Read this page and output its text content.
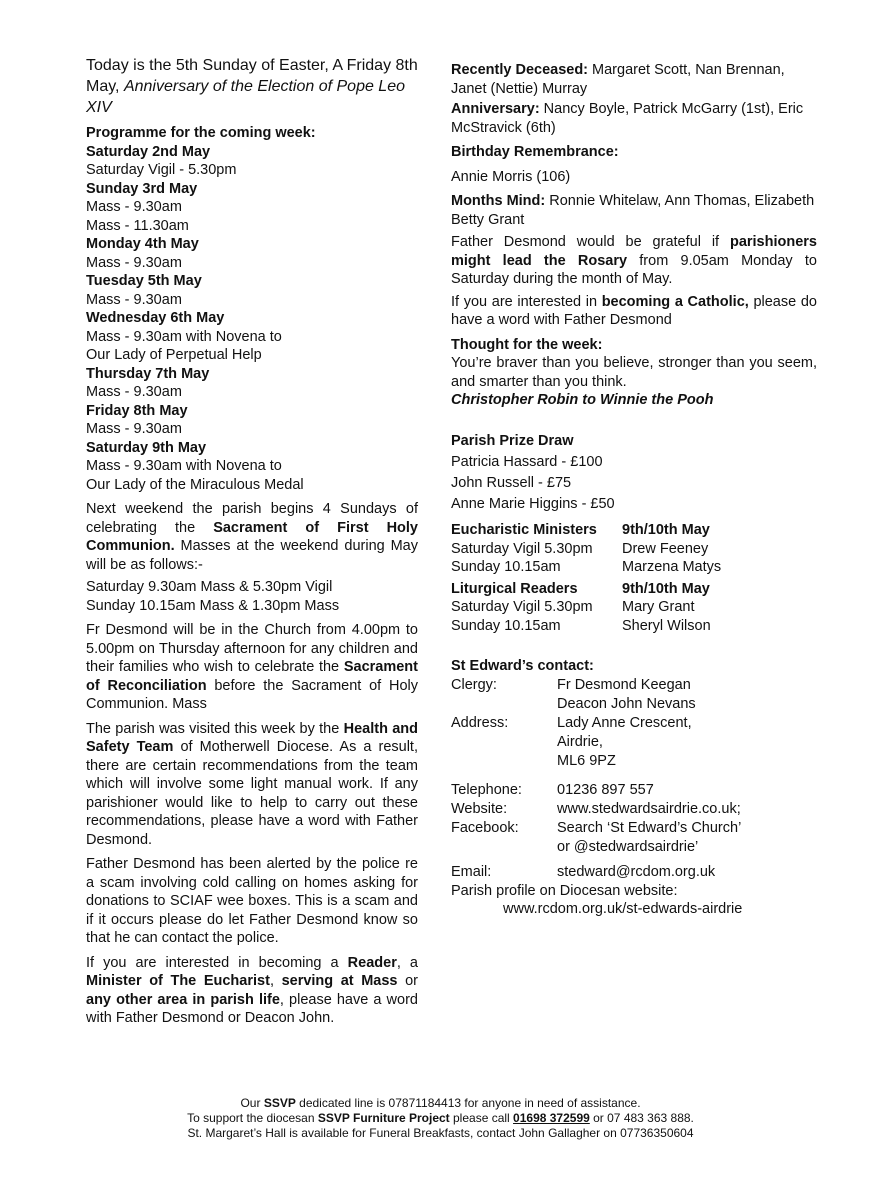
Today is the 5th Sunday of Easter, A Friday 8th May, Anniversary of the Election of Pope Leo XIV

Programme for the coming week:

Saturday 2nd May

Saturday Vigil - 5.30pm

Sunday 3rd May

Mass - 9.30am

Mass - 11.30am

Monday 4th May

Mass - 9.30am

Tuesday 5th May

Mass - 9.30am

Wednesday 6th May

Mass - 9.30am with Novena to

Our Lady of Perpetual Help

Thursday 7th May

Mass - 9.30am

Friday 8th May

Mass - 9.30am

Saturday 9th May

Mass - 9.30am with Novena to

Our Lady of the Miraculous Medal

Next weekend the parish begins 4 Sundays of celebrating the Sacrament of First Holy Communion. Masses at the weekend during May will be as follows:-

Saturday 9.30am Mass & 5.30pm Vigil

Sunday 10.15am Mass & 1.30pm Mass

Fr Desmond will be in the Church from 4.00pm to 5.00pm on Thursday afternoon for any children and their families who wish to celebrate the Sacrament of Reconciliation before the Sacrament of Holy Communion. Mass

The parish was visited this week by the Health and Safety Team of Motherwell Diocese. As a result, there are certain recommendations from the team which will involve some light manual work. If any parishioner would like to help to carry out these recommendations, please have a word with Father Desmond.

Father Desmond has been alerted by the police re a scam involving cold calling on homes asking for donations to SCIAF wee boxes. This is a scam and if it occurs please do let Father Desmond know so that he can contact the police.

If you are interested in becoming a Reader, a Minister of The Eucharist, serving at Mass or any other area in parish life, please have a word with Father Desmond or Deacon John.

Recently Deceased: Margaret Scott, Nan Brennan, Janet (Nettie) Murray

Anniversary: Nancy Boyle, Patrick McGarry (1st), Eric McStravick (6th)

Birthday Remembrance:

Annie Morris (106)

Months Mind: Ronnie Whitelaw, Ann Thomas, Elizabeth Betty Grant

Father Desmond would be grateful if parishioners might lead the Rosary from 9.05am Monday to Saturday during the month of May.

If you are interested in becoming a Catholic, please do have a word with Father Desmond

Thought for the week:

You’re braver than you believe, stronger than you seem, and smarter than you think.

Christopher Robin to Winnie the Pooh

Parish Prize Draw

Patricia Hassard - £100

John Russell - £75

Anne Marie Higgins - £50

Eucharistic Ministers	9th/10th May
Saturday Vigil 5.30pm	Drew Feeney
Sunday 10.15am	Marzena Matys
Liturgical Readers	9th/10th May
Saturday Vigil 5.30pm	Mary Grant
Sunday 10.15am	Sheryl Wilson

St Edward’s contact:

Clergy:	Fr Desmond Keegan
Deacon John Nevans
Address:	Lady Anne Crescent,
Airdrie,
ML6 9PZ
Telephone:	01236 897 557
Website:	www.stedwardsairdrie.co.uk;
Facebook:	Search ‘St Edward’s Church’
or @stedwardsairdrie’
Email:	stedward@rcdom.org.uk

Parish profile on Diocesan website:

www.rcdom.org.uk/st-edwards-airdrie

Our SSVP dedicated line is 07871184413 for anyone in need of assistance.
To support the diocesan SSVP Furniture Project please call 01698 372599 or 07 483 363 888.
St. Margaret’s Hall is available for Funeral Breakfasts, contact John Gallagher on 07736350604
